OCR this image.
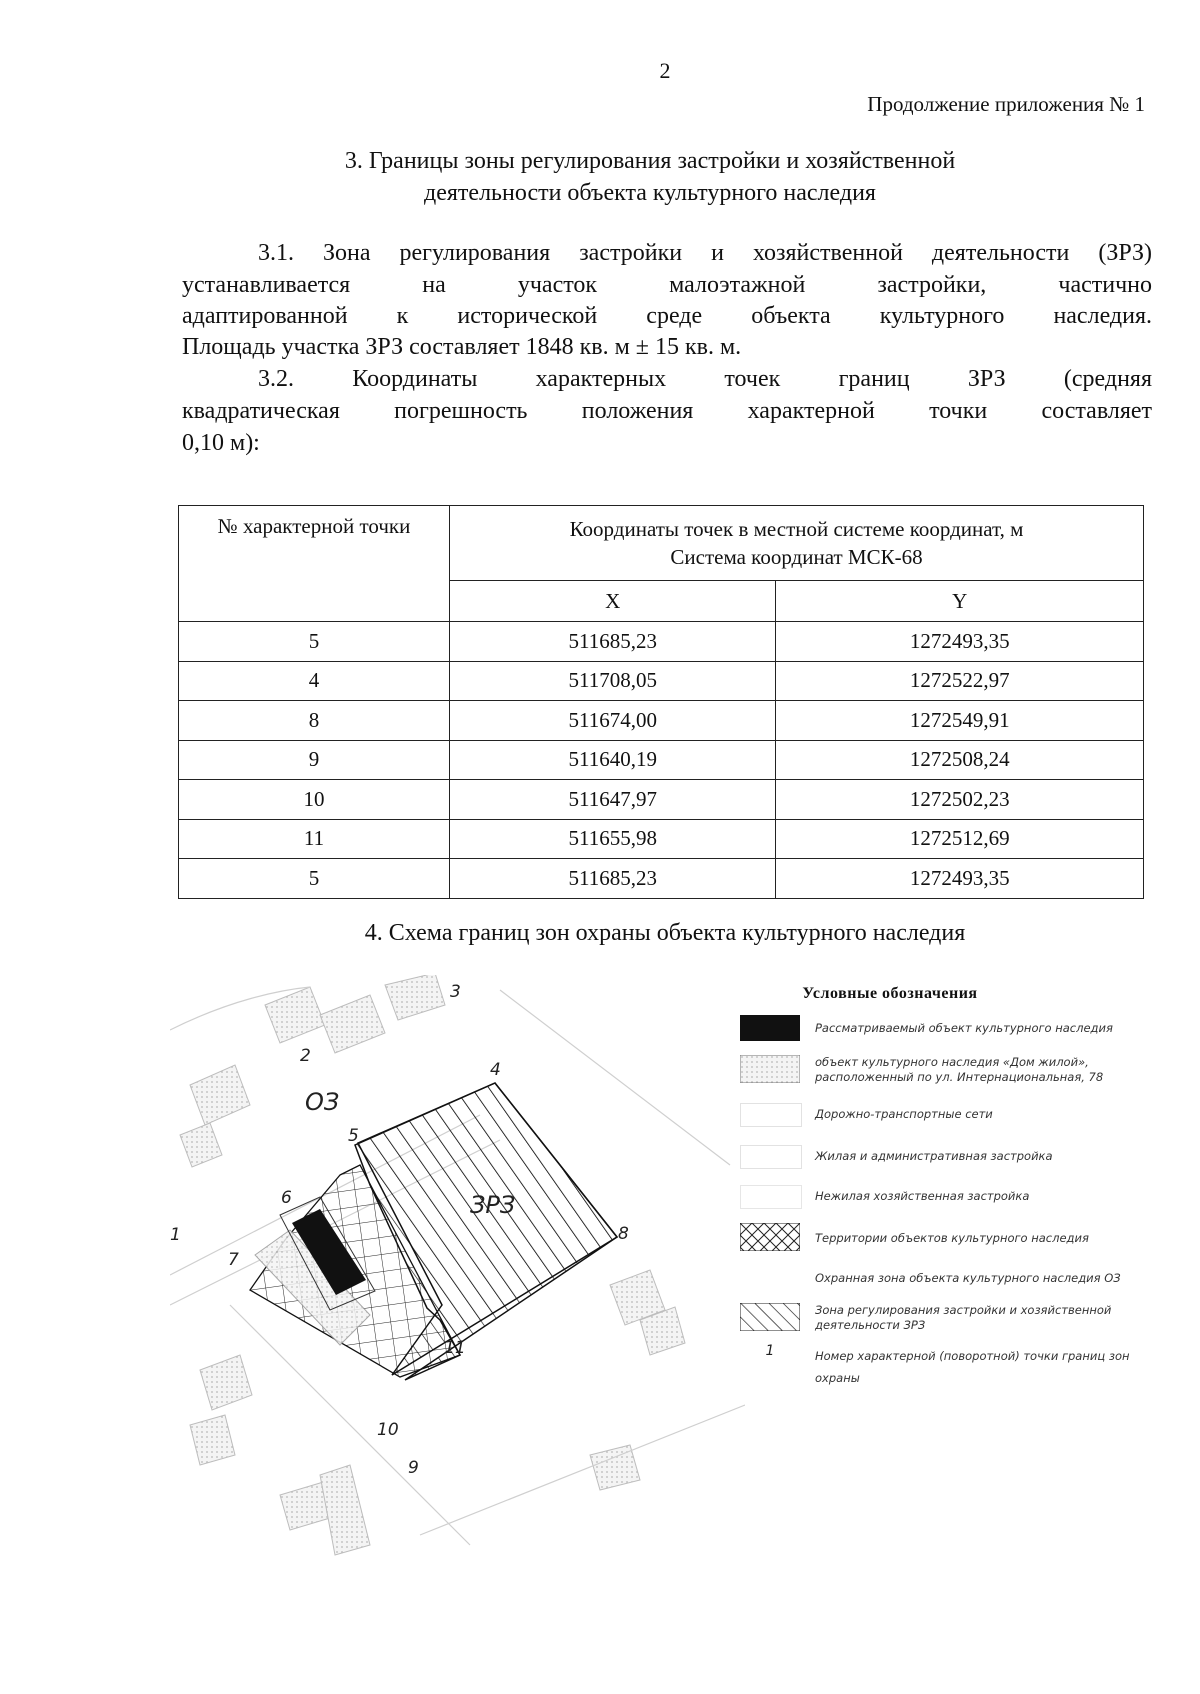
2
Продолжение приложения № 1
3. Границы зоны регулирования застройки и хозяйственной
деятельности объекта культурного наследия
3.1. Зона регулирования застройки и хозяйственной деятельности (ЗРЗ)
устанавливается на участок малоэтажной застройки, частично
адаптированной к исторической среде объекта культурного наследия.
Площадь участка ЗРЗ составляет 1848 кв. м ± 15 кв. м.
3.2. Координаты характерных точек границ ЗРЗ (средняя
квадратическая погрешность положения характерной точки составляет
0,10 м):
№ характерной точки	Координаты точек в местной системе координат, м
Система координат МСК-68	

	X	Y
5	511685,23	1272493,35
4	511708,05	1272522,97
8	511674,00	1272549,91
9	511640,19	1272508,24
10	511647,97	1272502,23
11	511655,98	1272512,69
5	511685,23	1272493,35
4. Схема границ зон охраны объекта культурного наследия
ОЗ
ЗРЗ
1
2
3
4
5
6
7
8
9
10
11
Условные обозначения
Рассматриваемый объект культурного наследия
объект культурного наследия «Дом жилой», расположенный по ул. Интернациональная, 78
Дорожно-транспортные сети
Жилая и административная застройка
Нежилая хозяйственная застройка
Территории объектов культурного наследия
Охранная зона объекта культурного наследия ОЗ
Зона регулирования застройки и хозяйственной деятельности ЗРЗ
1	Номер характерной (поворотной) точки границ зон охраны
